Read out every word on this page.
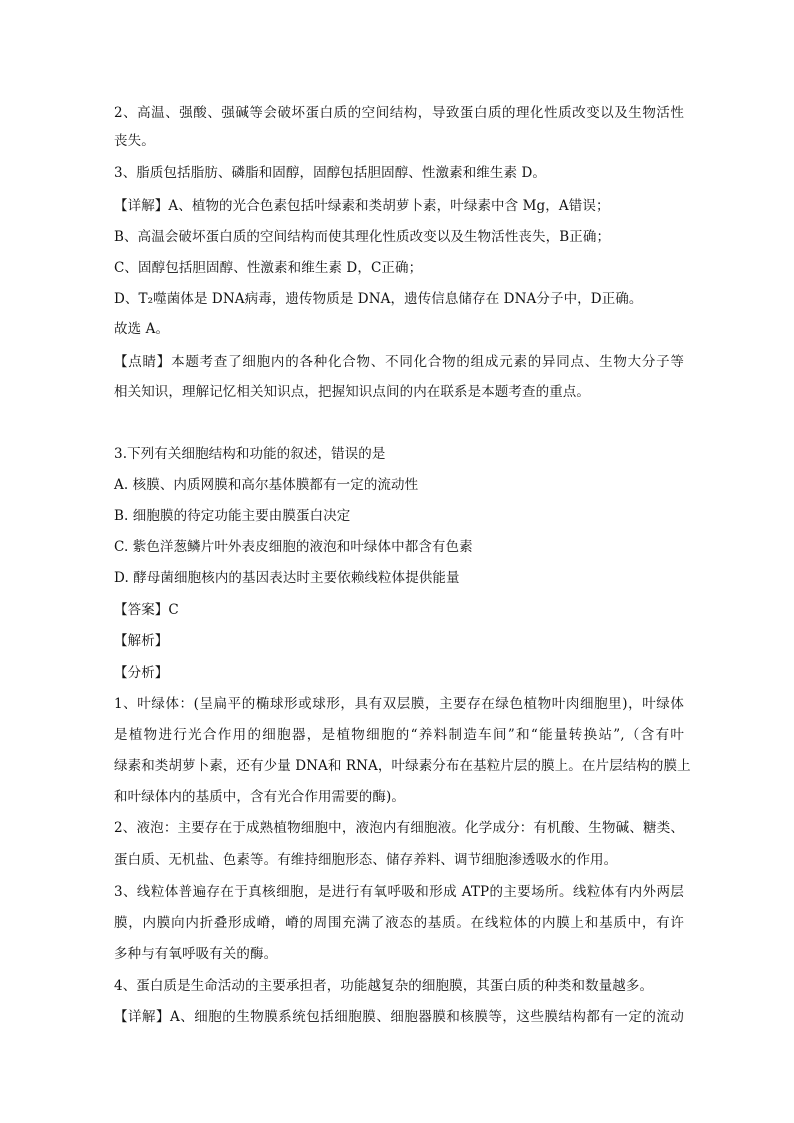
2、高温、强酸、强碱等会破坏蛋白质的空间结构，导致蛋白质的理化性质改变以及生物活性
丧失。
3、脂质包括脂肪、磷脂和固醇，固醇包括胆固醇、性激素和维生素 D。
【详解】A、植物的光合色素包括叶绿素和类胡萝卜素，叶绿素中含 Mg，A错误；
B、高温会破坏蛋白质的空间结构而使其理化性质改变以及生物活性丧失，B正确；
C、固醇包括胆固醇、性激素和维生素 D，C正确；
D、T₂噬菌体是 DNA病毒，遗传物质是 DNA，遗传信息储存在 DNA分子中，D正确。
故选 A。
【点睛】本题考查了细胞内的各种化合物、不同化合物的组成元素的异同点、生物大分子等
相关知识，理解记忆相关知识点，把握知识点间的内在联系是本题考查的重点。
3.下列有关细胞结构和功能的叙述，错误的是
A. 核膜、内质网膜和高尔基体膜都有一定的流动性
B. 细胞膜的待定功能主要由膜蛋白决定
C. 紫色洋葱鳞片叶外表皮细胞的液泡和叶绿体中都含有色素
D. 酵母菌细胞核内的基因表达时主要依赖线粒体提供能量
【答案】C
【解析】
【分析】
1、叶绿体：(呈扁平的椭球形或球形，具有双层膜，主要存在绿色植物叶肉细胞里)，叶绿体
是植物进行光合作用的细胞器，是植物细胞的“养料制造车间”和“能量转换站”,（含有叶
绿素和类胡萝卜素，还有少量 DNA和 RNA，叶绿素分布在基粒片层的膜上。在片层结构的膜上
和叶绿体内的基质中，含有光合作用需要的酶)。
2、液泡：主要存在于成熟植物细胞中，液泡内有细胞液。化学成分：有机酸、生物碱、糖类、
蛋白质、无机盐、色素等。有维持细胞形态、储存养料、调节细胞渗透吸水的作用。
3、线粒体普遍存在于真核细胞，是进行有氧呼吸和形成 ATP的主要场所。线粒体有内外两层
膜，内膜向内折叠形成嵴，嵴的周围充满了液态的基质。在线粒体的内膜上和基质中，有许
多种与有氧呼吸有关的酶。
4、蛋白质是生命活动的主要承担者，功能越复杂的细胞膜，其蛋白质的种类和数量越多。
【详解】A、细胞的生物膜系统包括细胞膜、细胞器膜和核膜等，这些膜结构都有一定的流动
